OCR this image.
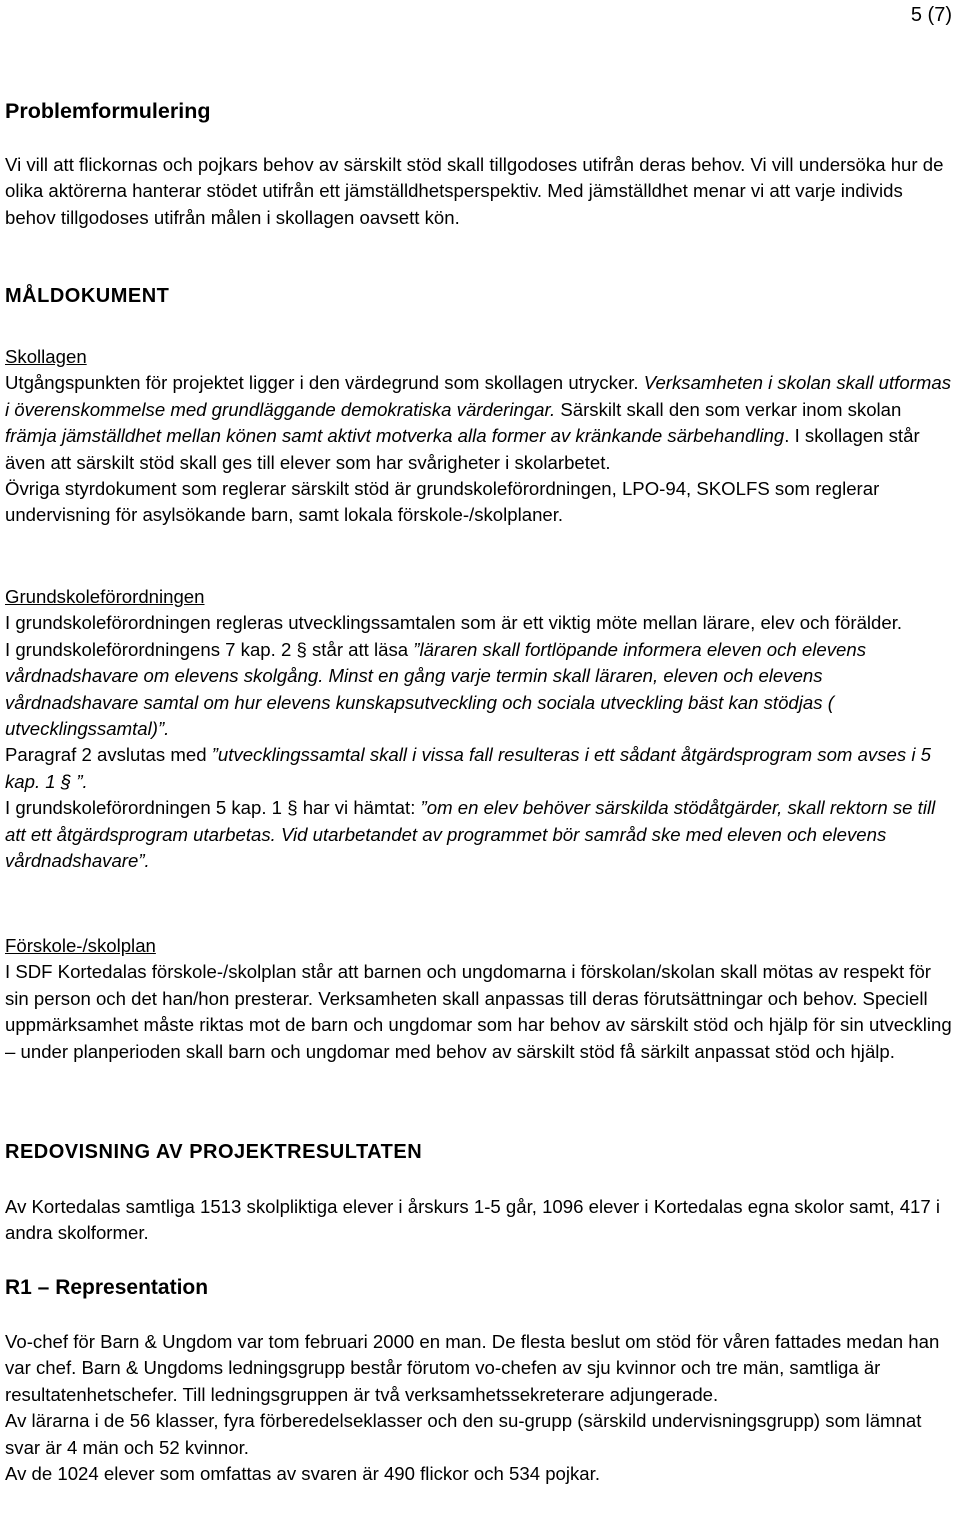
5 (7)
Problemformulering

Vi vill att flickornas och pojkars behov av särskilt stöd skall tillgodoses utifrån deras behov. Vi vill undersöka hur de olika aktörerna hanterar stödet utifrån ett jämställdhetsperspektiv. Med jämställdhet menar vi att varje individs behov tillgodoses utifrån målen i skollagen oavsett kön.

MÅLDOKUMENT

Skollagen

Utgångspunkten för projektet ligger i den värdegrund som skollagen utrycker. Verksamheten i skolan skall utformas i överenskommelse med grundläggande demokratiska värderingar. Särskilt skall den som verkar inom skolan främja jämställdhet mellan könen samt aktivt motverka alla former av kränkande särbehandling. I skollagen står även att särskilt stöd skall ges till elever som har svårigheter i skolarbetet.

Övriga styrdokument som reglerar särskilt stöd är grundskoleförordningen, LPO-94, SKOLFS som reglerar undervisning för asylsökande barn, samt lokala förskole-/skolplaner.

Grundskoleförordningen

I grundskoleförordningen regleras utvecklingssamtalen som är ett viktig möte mellan lärare, elev och förälder.

I grundskoleförordningens 7 kap. 2 § står att läsa ”läraren skall fortlöpande informera eleven och elevens vårdnadshavare om elevens skolgång. Minst en gång varje termin skall läraren, eleven och elevens vårdnadshavare samtal om hur elevens kunskapsutveckling och sociala utveckling bäst kan stödjas ( utvecklingssamtal)”.

Paragraf 2 avslutas med ”utvecklingssamtal skall i vissa fall resulteras i ett sådant åtgärdsprogram som avses i 5 kap. 1 § ”.

I grundskoleförordningen 5 kap. 1 § har vi hämtat: ”om en elev behöver särskilda stödåtgärder, skall rektorn se till att ett åtgärdsprogram utarbetas. Vid utarbetandet av programmet bör samråd ske med eleven och elevens vårdnadshavare”.

Förskole-/skolplan

I SDF Kortedalas förskole-/skolplan står att barnen och ungdomarna i förskolan/skolan skall mötas av respekt för sin person och det han/hon presterar. Verksamheten skall anpassas till deras förutsättningar och behov. Speciell uppmärksamhet måste riktas mot de barn och ungdomar som har behov av särskilt stöd och hjälp för sin utveckling – under planperioden skall barn och ungdomar med behov av särskilt stöd få särkilt anpassat stöd och hjälp.

REDOVISNING AV PROJEKTRESULTATEN

Av Kortedalas samtliga 1513 skolpliktiga elever i årskurs 1-5 går, 1096 elever i Kortedalas egna skolor samt, 417 i andra skolformer.

R1 – Representation

Vo-chef för Barn & Ungdom var tom februari 2000 en man. De flesta beslut om stöd för våren fattades medan han var chef. Barn & Ungdoms ledningsgrupp består förutom vo-chefen av sju kvinnor och tre män, samtliga är resultatenhetschefer. Till ledningsgruppen är två verksamhetssekreterare adjungerade.

Av lärarna i de 56 klasser, fyra förberedelseklasser och den su-grupp (särskild undervisningsgrupp) som lämnat svar är 4 män och 52 kvinnor.

Av de 1024 elever som omfattas av svaren är 490 flickor och 534 pojkar.
